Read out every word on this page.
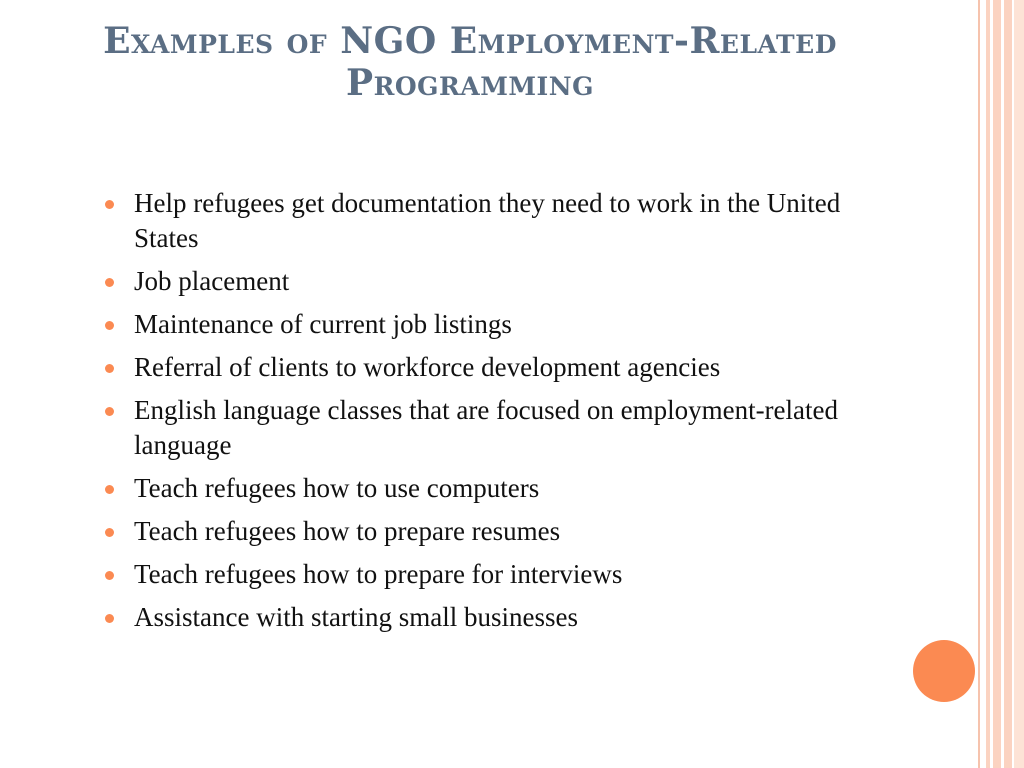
Examples of NGO Employment-Related Programming
Help refugees get documentation they need to work in the United States
Job placement
Maintenance of current job listings
Referral of clients to workforce development agencies
English language classes that are focused on employment-related language
Teach refugees how to use computers
Teach refugees how to prepare resumes
Teach refugees how to prepare for interviews
Assistance with starting small businesses
